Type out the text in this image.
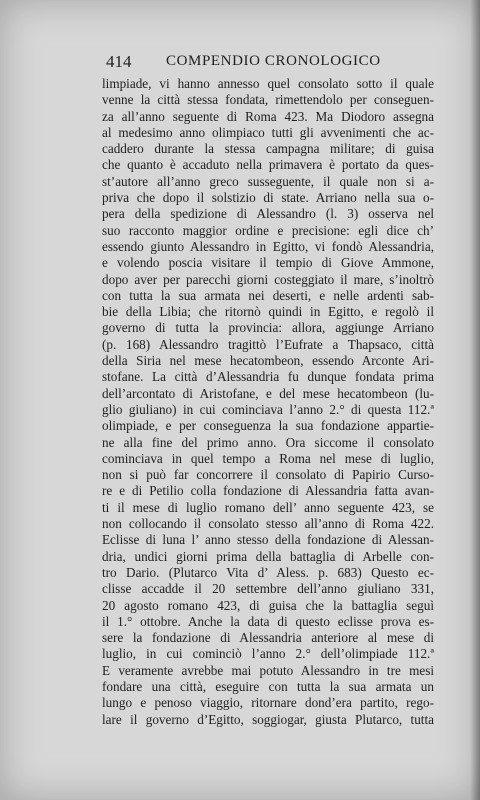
414 COMPENDIO CRONOLOGICO
limpiade, vi hanno annesso quel consolato sotto il quale
venne la città stessa fondata, rimettendolo per conseguen-
za all’anno seguente di Roma 423. Ma Diodoro assegna
al medesimo anno olimpiaco tutti gli avvenimenti che ac-
caddero durante la stessa campagna militare; di guisa
che quanto è accaduto nella primavera è portato da ques-
st’autore all’anno greco susseguente, il quale non si a-
priva che dopo il solstizio di state. Arriano nella sua o-
pera della spedizione di Alessandro (l. 3) osserva nel
suo racconto maggior ordine e precisione: egli dice ch’
essendo giunto Alessandro in Egitto, vi fondò Alessandria,
e volendo poscia visitare il tempio di Giove Ammone,
dopo aver per parecchi giorni costeggiato il mare, s’inoltrò
con tutta la sua armata nei deserti, e nelle ardenti sab-
bie della Libia; che ritornò quindi in Egitto, e regolò il
governo di tutta la provincia: allora, aggiunge Arriano
(p. 168) Alessandro tragittò l’Eufrate a Thapsaco, città
della Siria nel mese hecatombeon, essendo Arconte Ari-
stofane. La città d’Alessandria fu dunque fondata prima
dell’arcontato di Aristofane, e del mese hecatombeon (lu-
glio giuliano) in cui cominciava l’anno 2.° di questa 112.ª
olimpiade, e per conseguenza la sua fondazione appartie-
ne alla fine del primo anno. Ora siccome il consolato
cominciava in quel tempo a Roma nel mese di luglio,
non si può far concorrere il consolato di Papirio Curso-
re e di Petilio colla fondazione di Alessandria fatta avan-
ti il mese di luglio romano dell’ anno seguente 423, se
non collocando il consolato stesso all’anno di Roma 422.
Eclisse di luna l’ anno stesso della fondazione di Alessan-
dria, undici giorni prima della battaglia di Arbelle con-
tro Dario. (Plutarco Vita d’ Aless. p. 683) Questo ec-
clisse accadde il 20 settembre dell’anno giuliano 331,
20 agosto romano 423, di guisa che la battaglia seguì
il 1.° ottobre. Anche la data di questo eclisse prova es-
sere la fondazione di Alessandria anteriore al mese di
luglio, in cui cominciò l’anno 2.° dell’olimpiade 112.ª
E veramente avrebbe mai potuto Alessandro in tre mesi
fondare una città, eseguire con tutta la sua armata un
lungo e penoso viaggio, ritornare dond’era partito, rego-
lare il governo d’Egitto, soggiogar, giusta Plutarco, tutta
